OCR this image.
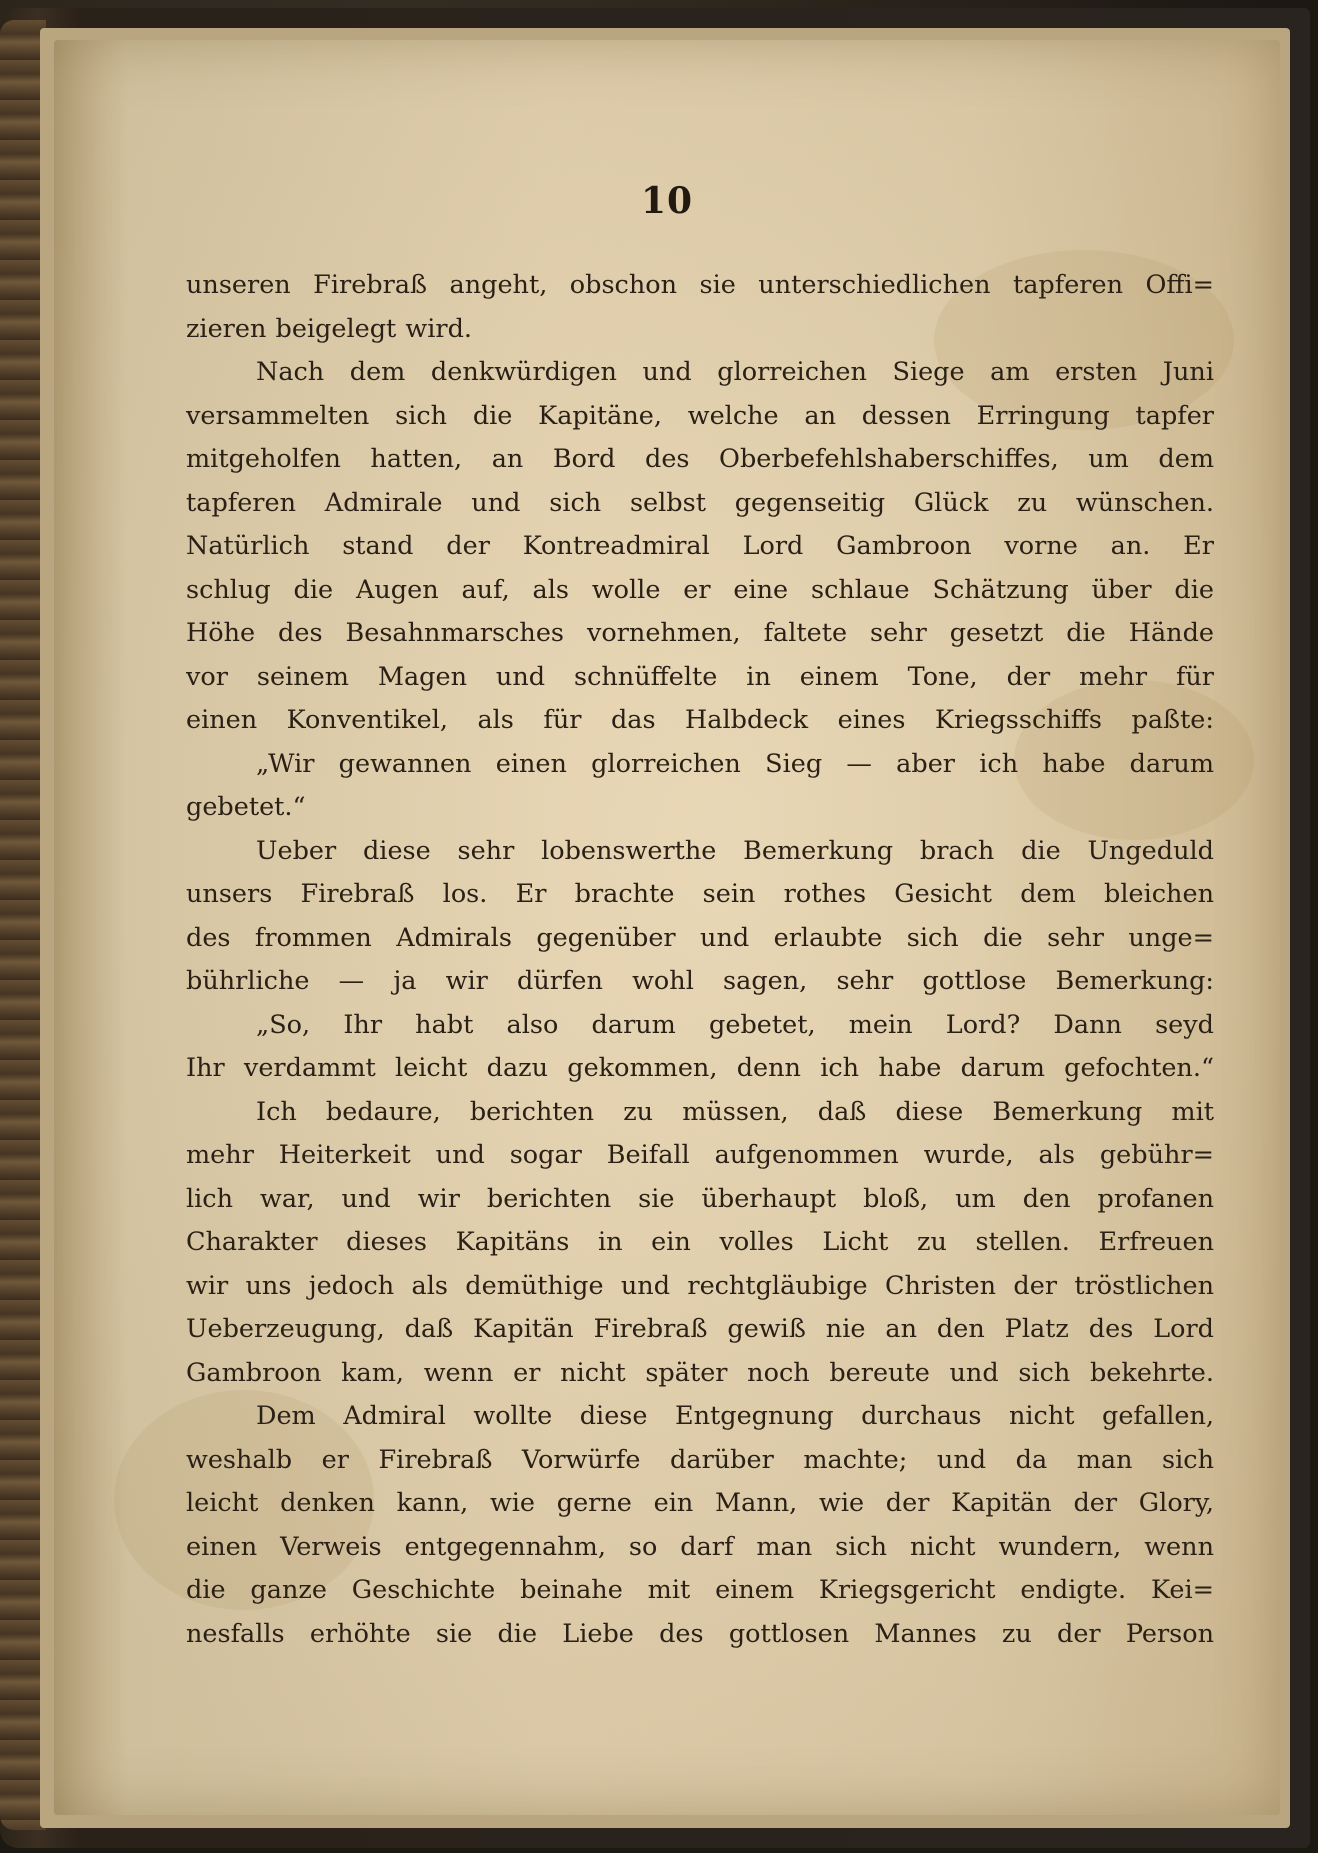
10
unseren Firebraß angeht, obschon sie unterschiedlichen tapferen Offi=
zieren beigelegt wird.
Nach dem denkwürdigen und glorreichen Siege am ersten Juni
versammelten sich die Kapitäne, welche an dessen Erringung tapfer
mitgeholfen hatten, an Bord des Oberbefehlshaberschiffes, um dem
tapferen Admirale und sich selbst gegenseitig Glück zu wünschen.
Natürlich stand der Kontreadmiral Lord Gambroon vorne an. Er
schlug die Augen auf, als wolle er eine schlaue Schätzung über die
Höhe des Besahnmarsches vornehmen, faltete sehr gesetzt die Hände
vor seinem Magen und schnüffelte in einem Tone, der mehr für
einen Konventikel, als für das Halbdeck eines Kriegsschiffs paßte:
„Wir gewannen einen glorreichen Sieg — aber ich habe darum
gebetet.“
Ueber diese sehr lobenswerthe Bemerkung brach die Ungeduld
unsers Firebraß los. Er brachte sein rothes Gesicht dem bleichen
des frommen Admirals gegenüber und erlaubte sich die sehr unge=
bührliche — ja wir dürfen wohl sagen, sehr gottlose Bemerkung:
„So, Ihr habt also darum gebetet, mein Lord? Dann seyd
Ihr verdammt leicht dazu gekommen, denn ich habe darum gefochten.“
Ich bedaure, berichten zu müssen, daß diese Bemerkung mit
mehr Heiterkeit und sogar Beifall aufgenommen wurde, als gebühr=
lich war, und wir berichten sie überhaupt bloß, um den profanen
Charakter dieses Kapitäns in ein volles Licht zu stellen. Erfreuen
wir uns jedoch als demüthige und rechtgläubige Christen der tröstlichen
Ueberzeugung, daß Kapitän Firebraß gewiß nie an den Platz des Lord
Gambroon kam, wenn er nicht später noch bereute und sich bekehrte.
Dem Admiral wollte diese Entgegnung durchaus nicht gefallen,
weshalb er Firebraß Vorwürfe darüber machte; und da man sich
leicht denken kann, wie gerne ein Mann, wie der Kapitän der Glory,
einen Verweis entgegennahm, so darf man sich nicht wundern, wenn
die ganze Geschichte beinahe mit einem Kriegsgericht endigte. Kei=
nesfalls erhöhte sie die Liebe des gottlosen Mannes zu der Person
